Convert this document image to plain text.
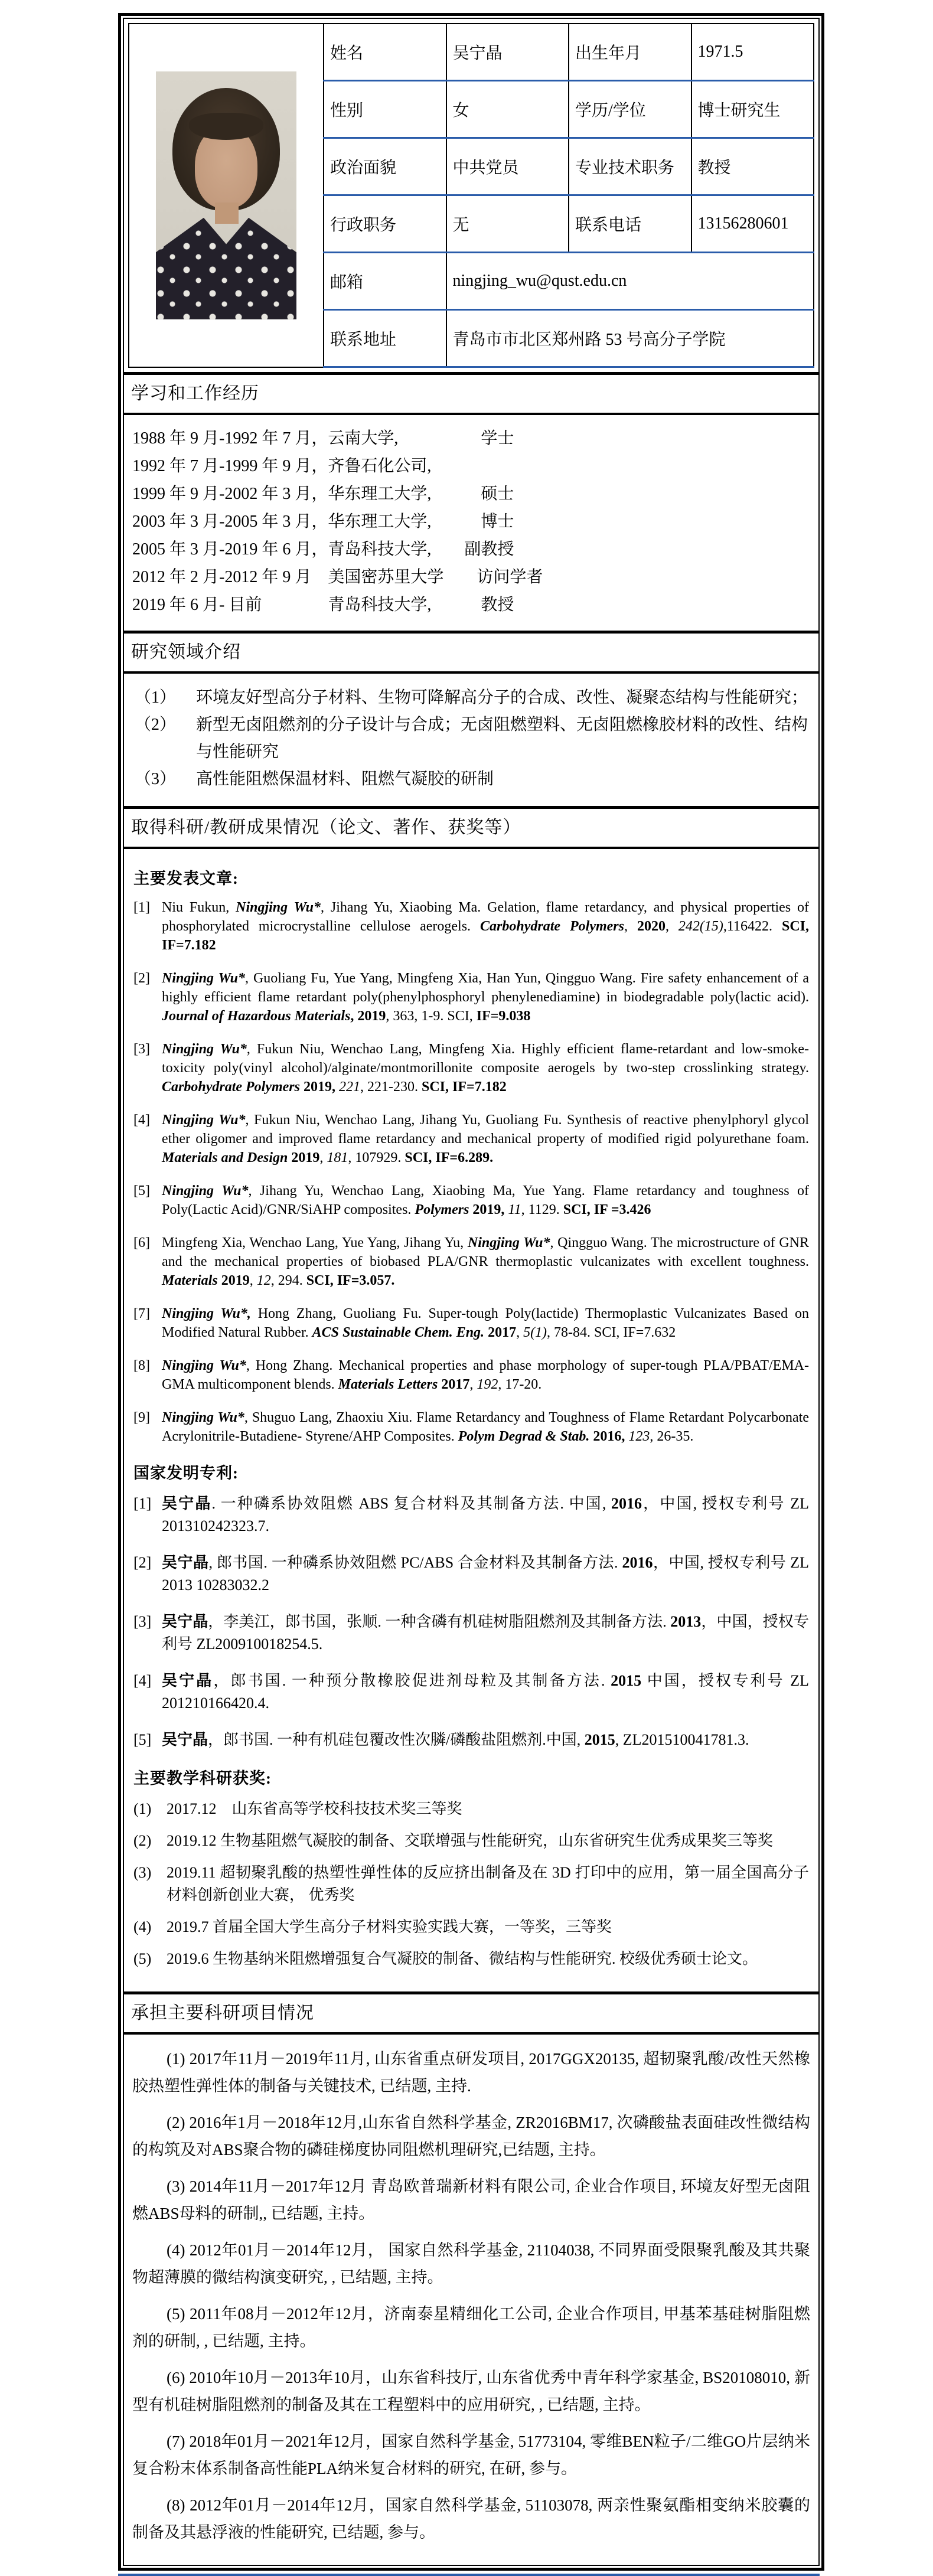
	姓名	吴宁晶	出生年月	1971.5
	性别	女	学历/学位	博士研究生
	政治面貌	中共党员	专业技术职务	教授
	行政职务	无	联系电话	13156280601
	邮箱	ningjing_wu@qust.edu.cn		
	联系地址	青岛市市北区郑州路 53 号高分子学院		
学习和工作经历
1988 年 9 月-1992 年 7 月，云南大学,　　　　　学士
1992 年 7 月-1999 年 9 月，齐鲁石化公司,
1999 年 9 月-2002 年 3 月，华东理工大学,　　　硕士
2003 年 3 月-2005 年 3 月，华东理工大学,　　　博士
2005 年 3 月-2019 年 6 月，青岛科技大学,　　副教授
2012 年 2 月-2012 年 9 月　美国密苏里大学　　访问学者
2019 年 6 月- 目前　　　　青岛科技大学,　　　教授
研究领域介绍
（1）	环境友好型高分子材料、生物可降解高分子的合成、改性、凝聚态结构与性能研究；
（2）	新型无卤阻燃剂的分子设计与合成；无卤阻燃塑料、无卤阻燃橡胶材料的改性、结构与性能研究
（3）	高性能阻燃保温材料、阻燃气凝胶的研制
取得科研/教研成果情况（论文、著作、获奖等）
主要发表文章:
[1] Niu Fukun, Ningjing Wu*, Jihang Yu, Xiaobing Ma. Gelation, flame retardancy, and physical properties of phosphorylated microcrystalline cellulose aerogels. Carbohydrate Polymers, 2020, 242(15),116422. SCI, IF=7.182
[2] Ningjing Wu*, Guoliang Fu, Yue Yang, Mingfeng Xia, Han Yun, Qingguo Wang. Fire safety enhancement of a highly efficient flame retardant poly(phenylphosphoryl phenylenediamine) in biodegradable poly(lactic acid). Journal of Hazardous Materials, 2019, 363, 1-9. SCI, IF=9.038
[3] Ningjing Wu*, Fukun Niu, Wenchao Lang, Mingfeng Xia. Highly efficient flame-retardant and low-smoke-toxicity poly(vinyl alcohol)/alginate/montmorillonite composite aerogels by two-step crosslinking strategy. Carbohydrate Polymers 2019, 221, 221-230. SCI, IF=7.182
[4] Ningjing Wu*, Fukun Niu, Wenchao Lang, Jihang Yu, Guoliang Fu. Synthesis of reactive phenylphoryl glycol ether oligomer and improved flame retardancy and mechanical property of modified rigid polyurethane foam. Materials and Design 2019, 181, 107929. SCI, IF=6.289.
[5] Ningjing Wu*, Jihang Yu, Wenchao Lang, Xiaobing Ma, Yue Yang. Flame retardancy and toughness of Poly(Lactic Acid)/GNR/SiAHP composites. Polymers 2019, 11, 1129. SCI, IF =3.426
[6] Mingfeng Xia, Wenchao Lang, Yue Yang, Jihang Yu, Ningjing Wu*, Qingguo Wang. The microstructure of GNR and the mechanical properties of biobased PLA/GNR thermoplastic vulcanizates with excellent toughness. Materials 2019, 12, 294. SCI, IF=3.057.
[7] Ningjing Wu*, Hong Zhang, Guoliang Fu. Super-tough Poly(lactide) Thermoplastic Vulcanizates Based on Modified Natural Rubber. ACS Sustainable Chem. Eng. 2017, 5(1), 78-84. SCI, IF=7.632
[8] Ningjing Wu*, Hong Zhang. Mechanical properties and phase morphology of super-tough PLA/PBAT/EMA-GMA multicomponent blends. Materials Letters 2017, 192, 17-20.
[9] Ningjing Wu*, Shuguo Lang, Zhaoxiu Xiu. Flame Retardancy and Toughness of Flame Retardant Polycarbonate Acrylonitrile-Butadiene- Styrene/AHP Composites. Polym Degrad & Stab. 2016, 123, 26-35.
国家发明专利:
[1] 吴宁晶. 一种磷系协效阻燃 ABS 复合材料及其制备方法. 中国, 2016，中国, 授权专利号 ZL 201310242323.7.
[2] 吴宁晶, 郎书国. 一种磷系协效阻燃 PC/ABS 合金材料及其制备方法. 2016，中国, 授权专利号 ZL 2013 10283032.2
[3] 吴宁晶，李美江，郎书国，张顺. 一种含磷有机硅树脂阻燃剂及其制备方法. 2013，中国，授权专利号 ZL200910018254.5.
[4] 吴宁晶，郎书国. 一种预分散橡胶促进剂母粒及其制备方法. 2015 中国，授权专利号 ZL 201210166420.4.
[5] 吴宁晶，郎书国. 一种有机硅包覆改性次膦/磷酸盐阻燃剂.中国, 2015, ZL201510041781.3.
主要教学科研获奖:
(1) 2017.12　山东省高等学校科技技术奖三等奖
(2) 2019.12 生物基阻燃气凝胶的制备、交联增强与性能研究，山东省研究生优秀成果奖三等奖
(3) 2019.11 超韧聚乳酸的热塑性弹性体的反应挤出制备及在 3D 打印中的应用，第一届全国高分子材料创新创业大赛， 优秀奖
(4) 2019.7 首届全国大学生高分子材料实验实践大赛，一等奖，三等奖
(5) 2019.6 生物基纳米阻燃增强复合气凝胶的制备、微结构与性能研究. 校级优秀硕士论文。
承担主要科研项目情况
(1) 2017年11月－2019年11月, 山东省重点研发项目, 2017GGX20135, 超韧聚乳酸/改性天然橡胶热塑性弹性体的制备与关键技术, 已结题, 主持.
(2) 2016年1月－2018年12月,山东省自然科学基金, ZR2016BM17, 次磷酸盐表面硅改性微结构的构筑及对ABS聚合物的磷硅梯度协同阻燃机理研究,已结题, 主持。
(3) 2014年11月－2017年12月 青岛欧普瑞新材料有限公司, 企业合作项目, 环境友好型无卤阻燃ABS母料的研制,, 已结题, 主持。
(4) 2012年01月－2014年12月， 国家自然科学基金, 21104038, 不同界面受限聚乳酸及其共聚物超薄膜的微结构演变研究, , 已结题, 主持。
(5) 2011年08月－2012年12月，济南泰星精细化工公司, 企业合作项目, 甲基苯基硅树脂阻燃剂的研制, , 已结题, 主持。
(6) 2010年10月－2013年10月，山东省科技厅, 山东省优秀中青年科学家基金, BS20108010, 新型有机硅树脂阻燃剂的制备及其在工程塑料中的应用研究, , 已结题, 主持。
(7) 2018年01月－2021年12月，国家自然科学基金, 51773104, 零维BEN粒子/二维GO片层纳米复合粉末体系制备高性能PLA纳米复合材料的研究, 在研, 参与。
(8) 2012年01月－2014年12月，国家自然科学基金, 51103078, 两亲性聚氨酯相变纳米胶囊的制备及其悬浮液的性能研究, 已结题, 参与。
